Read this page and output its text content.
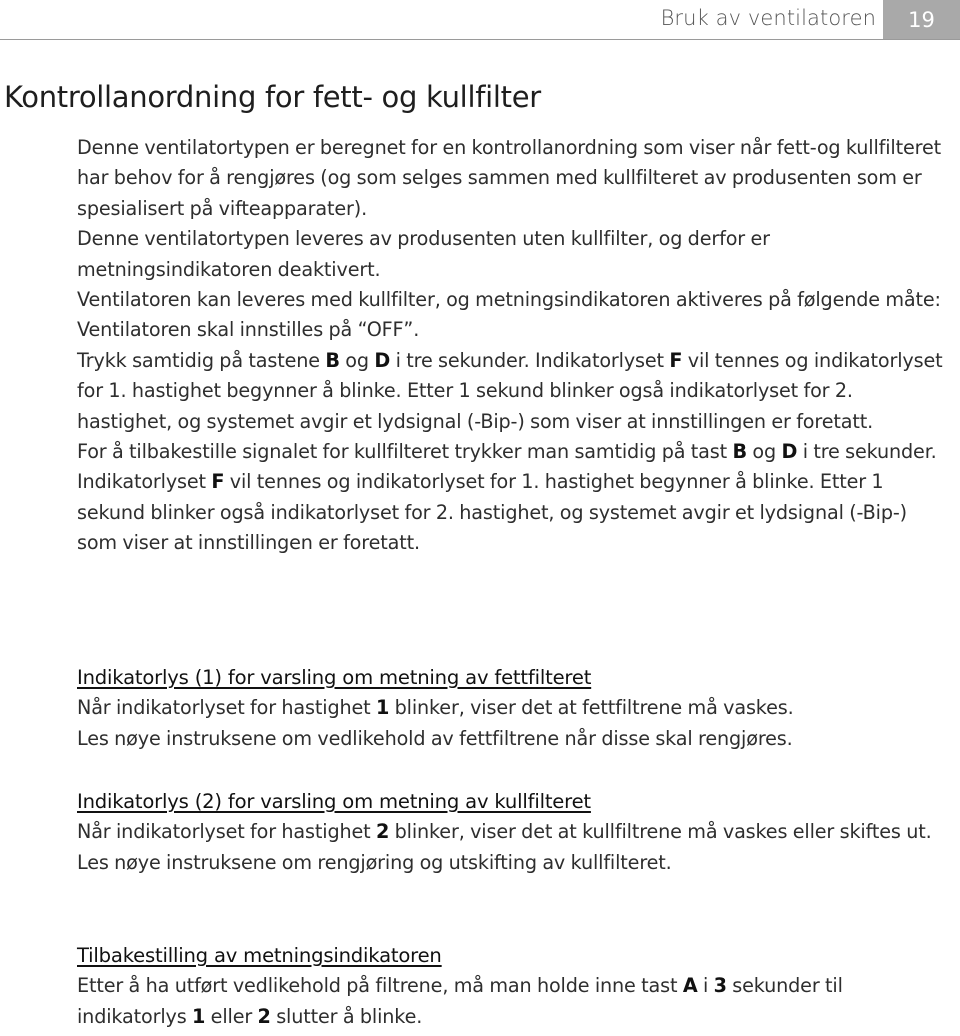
Bruk av ventilatoren	19
Kontrollanordning for fett- og kullfilter

Denne ventilatortypen er beregnet for en kontrollanordning som viser når fett-og kullfilteret har behov for å rengjøres (og som selges sammen med kullfilteret av produsenten som er spesialisert på vifteapparater).

Denne ventilatortypen leveres av produsenten uten kullfilter, og derfor er metningsindikatoren deaktivert.

Ventilatoren kan leveres med kullfilter, og metningsindikatoren aktiveres på følgende måte:

Ventilatoren skal innstilles på “OFF”.

Trykk samtidig på tastene B og D i tre sekunder. Indikatorlyset F vil tennes og indikatorlyset for 1. hastighet begynner å blinke. Etter 1 sekund blinker også indikatorlyset for 2. hastighet, og systemet avgir et lydsignal (-Bip-) som viser at innstillingen er foretatt.

For å tilbakestille signalet for kullfilteret trykker man samtidig på tast B og D i tre sekunder. Indikatorlyset F vil tennes og indikatorlyset for 1. hastighet begynner å blinke. Etter 1 sekund blinker også indikatorlyset for 2. hastighet, og systemet avgir et lydsignal (-Bip-) som viser at innstillingen er foretatt.

Indikatorlys (1) for varsling om metning av fettfilteret

Når indikatorlyset for hastighet 1 blinker, viser det at fettfiltrene må vaskes.

Les nøye instruksene om vedlikehold av fettfiltrene når disse skal rengjøres.

Indikatorlys (2) for varsling om metning av kullfilteret

Når indikatorlyset for hastighet 2 blinker, viser det at kullfiltrene må vaskes eller skiftes ut.

Les nøye instruksene om rengjøring og utskifting av kullfilteret.

Tilbakestilling av metningsindikatoren

Etter å ha utført vedlikehold på filtrene, må man holde inne tast A i 3 sekunder til indikatorlys 1 eller 2 slutter å blinke.
